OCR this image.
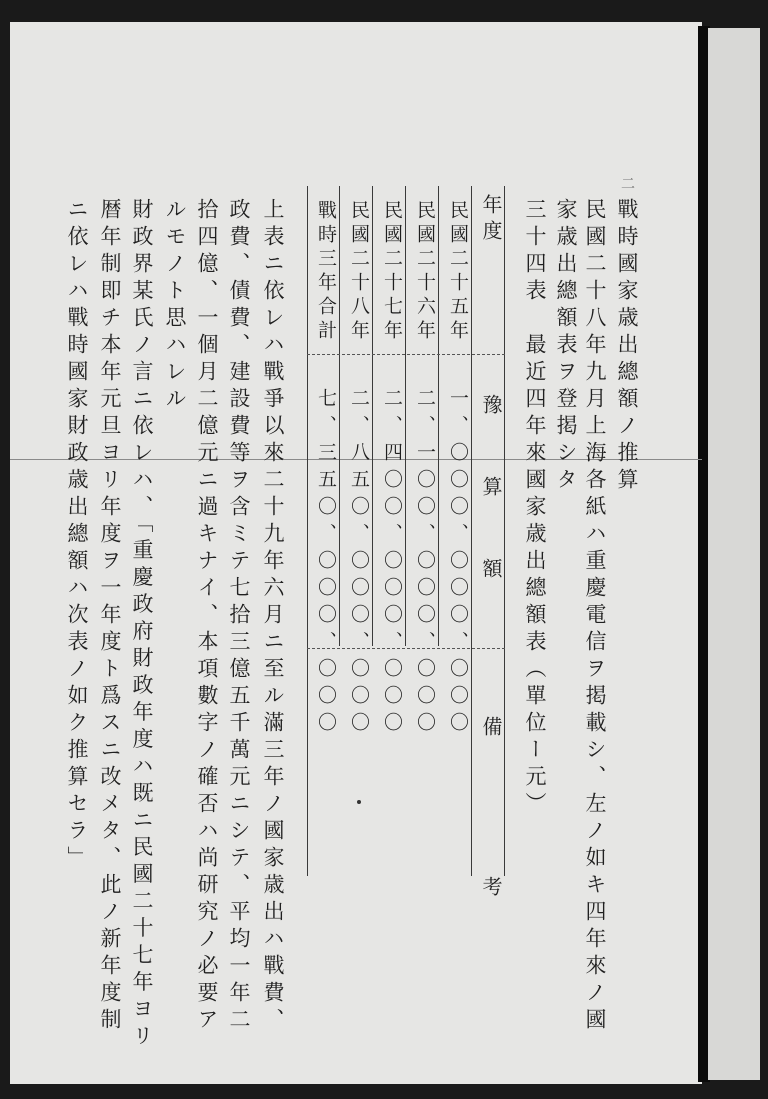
二
戰時國家歳出總額ノ推算
民國二十八年九月上海各紙ハ重慶電信ヲ掲載シ、左ノ如キ四年來ノ國
家歳出總額表ヲ登掲シタ
三十四表　最近四年來國家歳出總額表（單位ー元）
年度
豫算額
備考
民國二十五年
一、〇〇〇、〇〇〇、〇〇〇
民國二十六年
二、一〇〇、〇〇〇、〇〇〇
民國二十七年
二、四〇〇、〇〇〇、〇〇〇
民國二十八年
二、八五〇、〇〇〇、〇〇〇
戰時三年合計
七、三五〇、〇〇〇、〇〇〇
上表ニ依レハ戰爭以來二十九年六月ニ至ル滿三年ノ國家歳出ハ戰費、
政費、債費、建設費等ヲ含ミテ七拾三億五千萬元ニシテ、平均一年二
拾四億、一個月二億元ニ過キナイ、本項數字ノ確否ハ尚研究ノ必要ア
ルモノト思ハレル
財政界某氏ノ言ニ依レハ、「重慶政府財政年度ハ既ニ民國二十七年ヨリ
暦年制即チ本年元旦ヨリ年度ヲ一年度ト爲スニ改メタ、此ノ新年度制
ニ依レハ戰時國家財政歳出總額ハ次表ノ如ク推算セラ」
